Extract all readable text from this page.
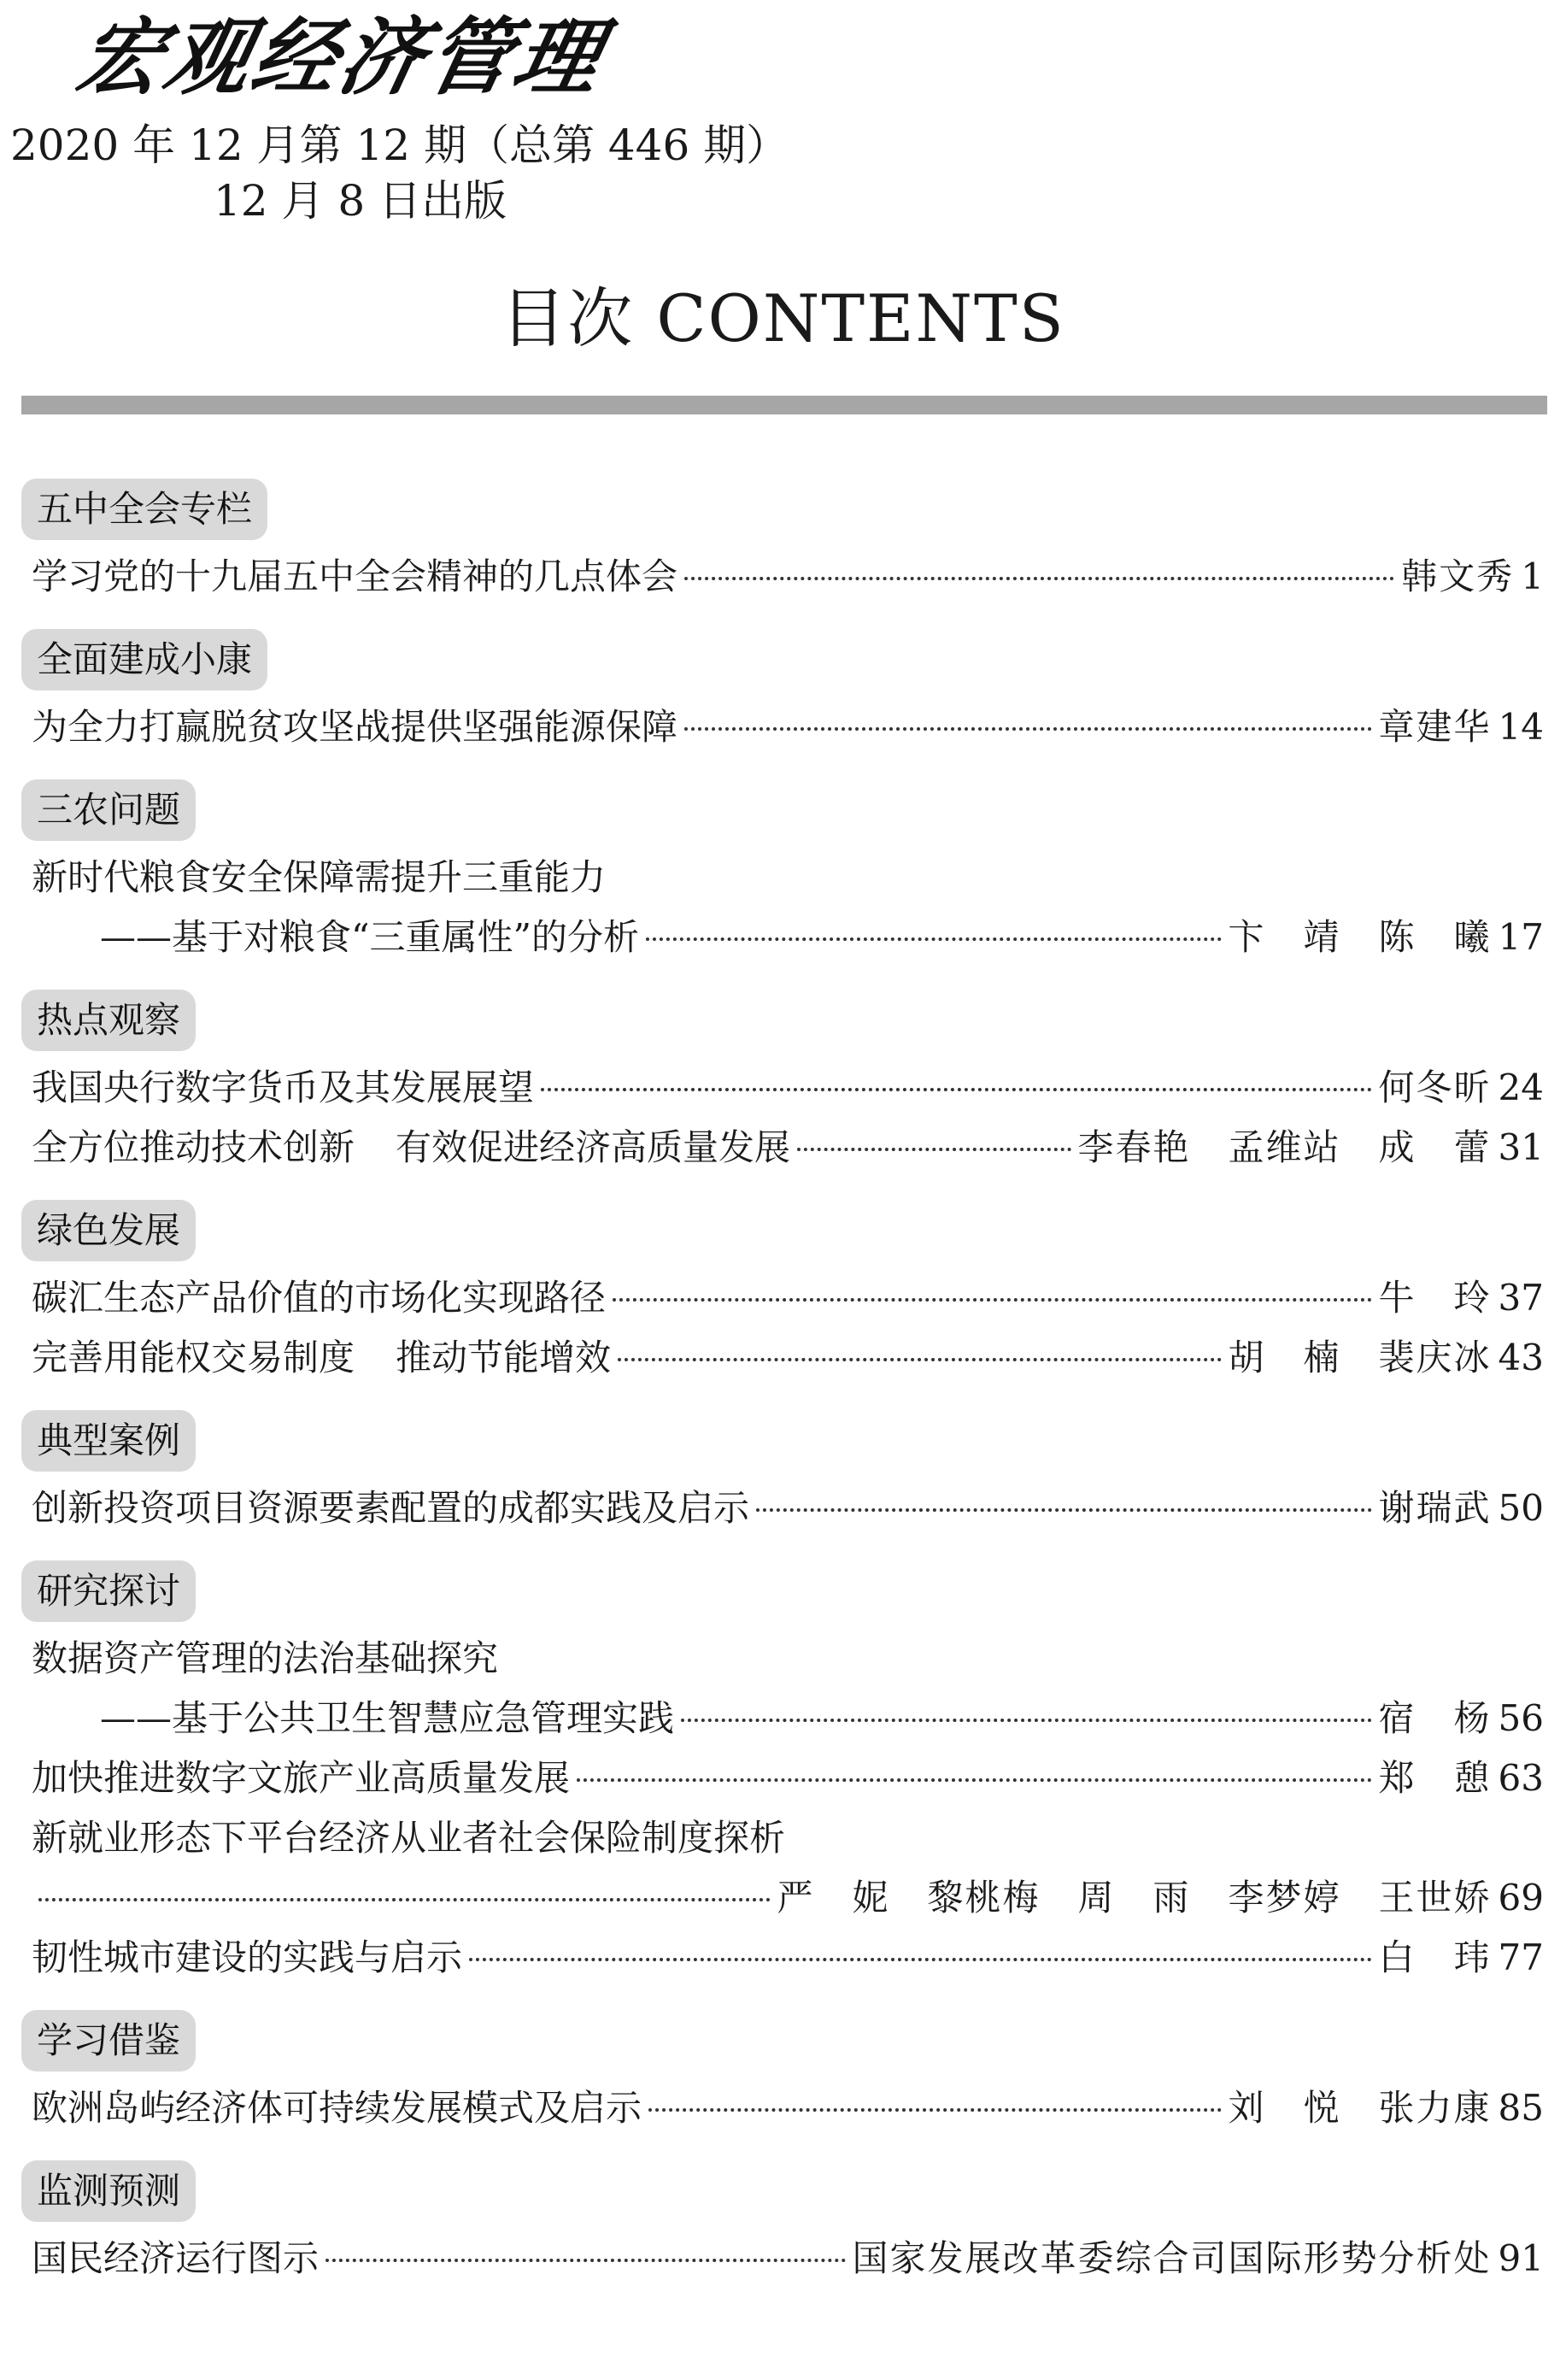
宏观经济管理
2020 年 12 月第 12 期（总第 446 期）
12 月 8 日出版
目次 CONTENTS
五中全会专栏
学习党的十九届五中全会精神的几点体会	韩文秀 1
全面建成小康
为全力打赢脱贫攻坚战提供坚强能源保障	章建华 14
三农问题
新时代粮食安全保障需提升三重能力
——基于对粮食“三重属性”的分析	卞　靖　陈　曦 17
热点观察
我国央行数字货币及其发展展望	何冬昕 24
全方位推动技术创新 有效促进经济高质量发展	李春艳　孟维站　成　蕾 31
绿色发展
碳汇生态产品价值的市场化实现路径	牛　玲 37
完善用能权交易制度 推动节能增效	胡　楠　裴庆冰 43
典型案例
创新投资项目资源要素配置的成都实践及启示	谢瑞武 50
研究探讨
数据资产管理的法治基础探究
——基于公共卫生智慧应急管理实践	宿　杨 56
加快推进数字文旅产业高质量发展	郑　憩 63
新就业形态下平台经济从业者社会保险制度探析
严　妮　黎桃梅　周　雨　李梦婷　王世娇 69
韧性城市建设的实践与启示	白　玮 77
学习借鉴
欧洲岛屿经济体可持续发展模式及启示	刘　悦　张力康 85
监测预测
国民经济运行图示	国家发展改革委综合司国际形势分析处 91
